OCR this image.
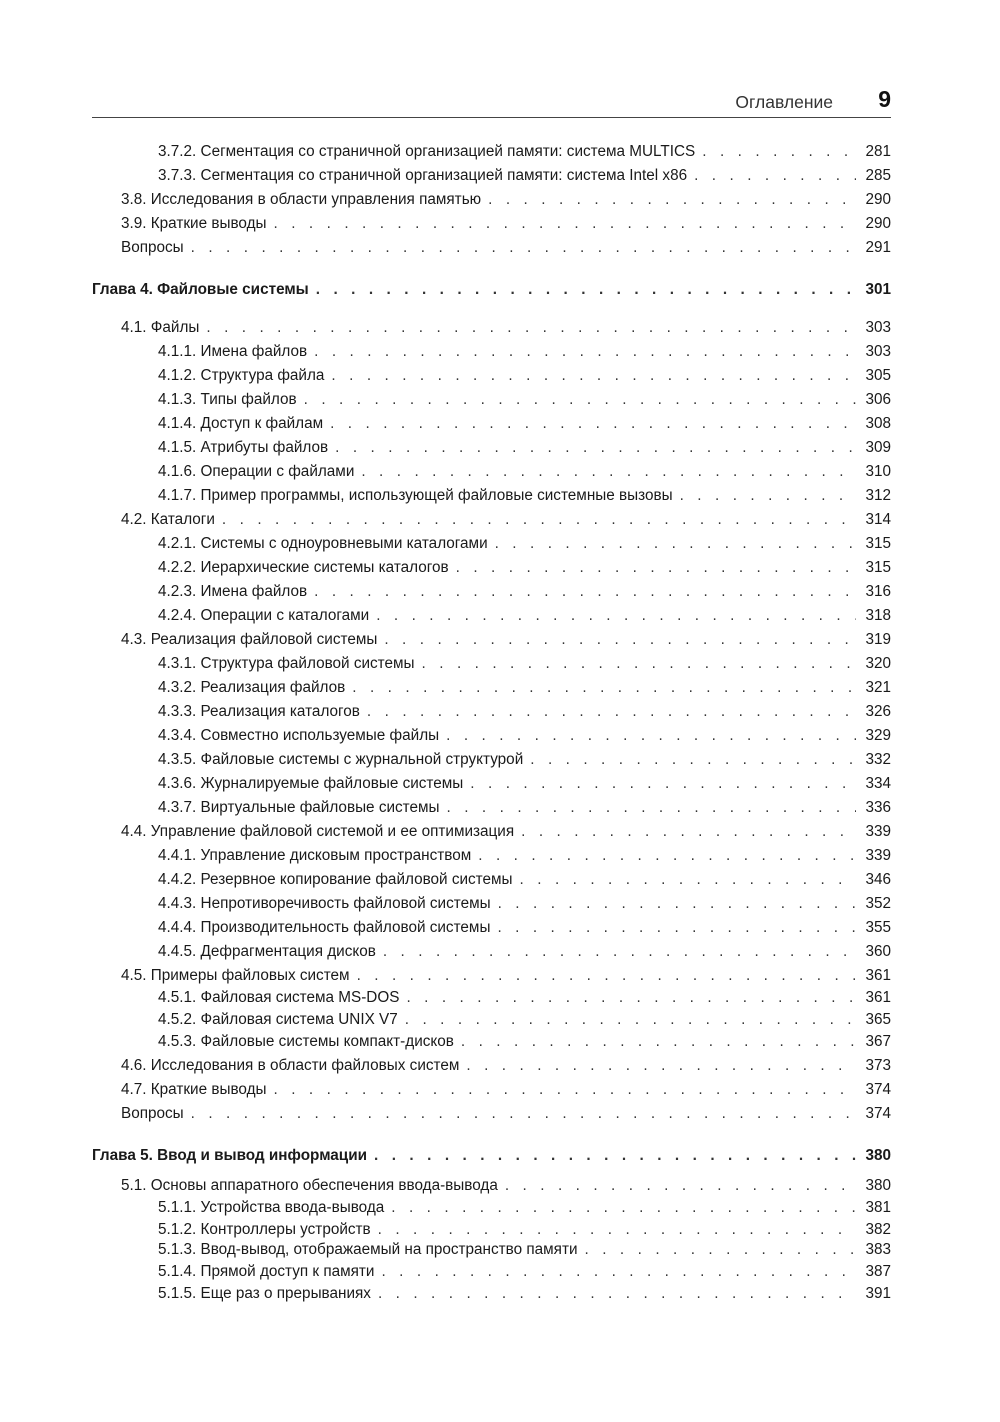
Оглавление 9
3.7.2. Сегментация со страничной организацией памяти: система MULTICS . . .	281
3.7.3. Сегментация со страничной организацией памяти: система Intel x86 . . .	285
3.8. Исследования в области управления памятью . . .	290
3.9. Краткие выводы . . .	290
Вопросы . . .	291
Глава 4. Файловые системы . . .	301
4.1. Файлы . . .	303
4.1.1. Имена файлов . . .	303
4.1.2. Структура файла . . .	305
4.1.3. Типы файлов . . .	306
4.1.4. Доступ к файлам . . .	308
4.1.5. Атрибуты файлов . . .	309
4.1.6. Операции с файлами . . .	310
4.1.7. Пример программы, использующей файловые системные вызовы . . .	312
4.2. Каталоги . . .	314
4.2.1. Системы с одноуровневыми каталогами . . .	315
4.2.2. Иерархические системы каталогов . . .	315
4.2.3. Имена файлов . . .	316
4.2.4. Операции с каталогами . . .	318
4.3. Реализация файловой системы . . .	319
4.3.1. Структура файловой системы . . .	320
4.3.2. Реализация файлов . . .	321
4.3.3. Реализация каталогов . . .	326
4.3.4. Совместно используемые файлы . . .	329
4.3.5. Файловые системы с журнальной структурой . . .	332
4.3.6. Журналируемые файловые системы . . .	334
4.3.7. Виртуальные файловые системы . . .	336
4.4. Управление файловой системой и ее оптимизация . . .	339
4.4.1. Управление дисковым пространством . . .	339
4.4.2. Резервное копирование файловой системы . . .	346
4.4.3. Непротиворечивость файловой системы . . .	352
4.4.4. Производительность файловой системы . . .	355
4.4.5. Дефрагментация дисков . . .	360
4.5. Примеры файловых систем . . .	361
4.5.1. Файловая система MS-DOS . . .	361
4.5.2. Файловая система UNIX V7 . . .	365
4.5.3. Файловые системы компакт-дисков . . .	367
4.6. Исследования в области файловых систем . . .	373
4.7. Краткие выводы . . .	374
Вопросы . . .	374
Глава 5. Ввод и вывод информации . . .	380
5.1. Основы аппаратного обеспечения ввода-вывода . . .	380
5.1.1. Устройства ввода-вывода . . .	381
5.1.2. Контроллеры устройств . . .	382
5.1.3. Ввод-вывод, отображаемый на пространство памяти . . .	383
5.1.4. Прямой доступ к памяти . . .	387
5.1.5. Еще раз о прерываниях . . .	391
